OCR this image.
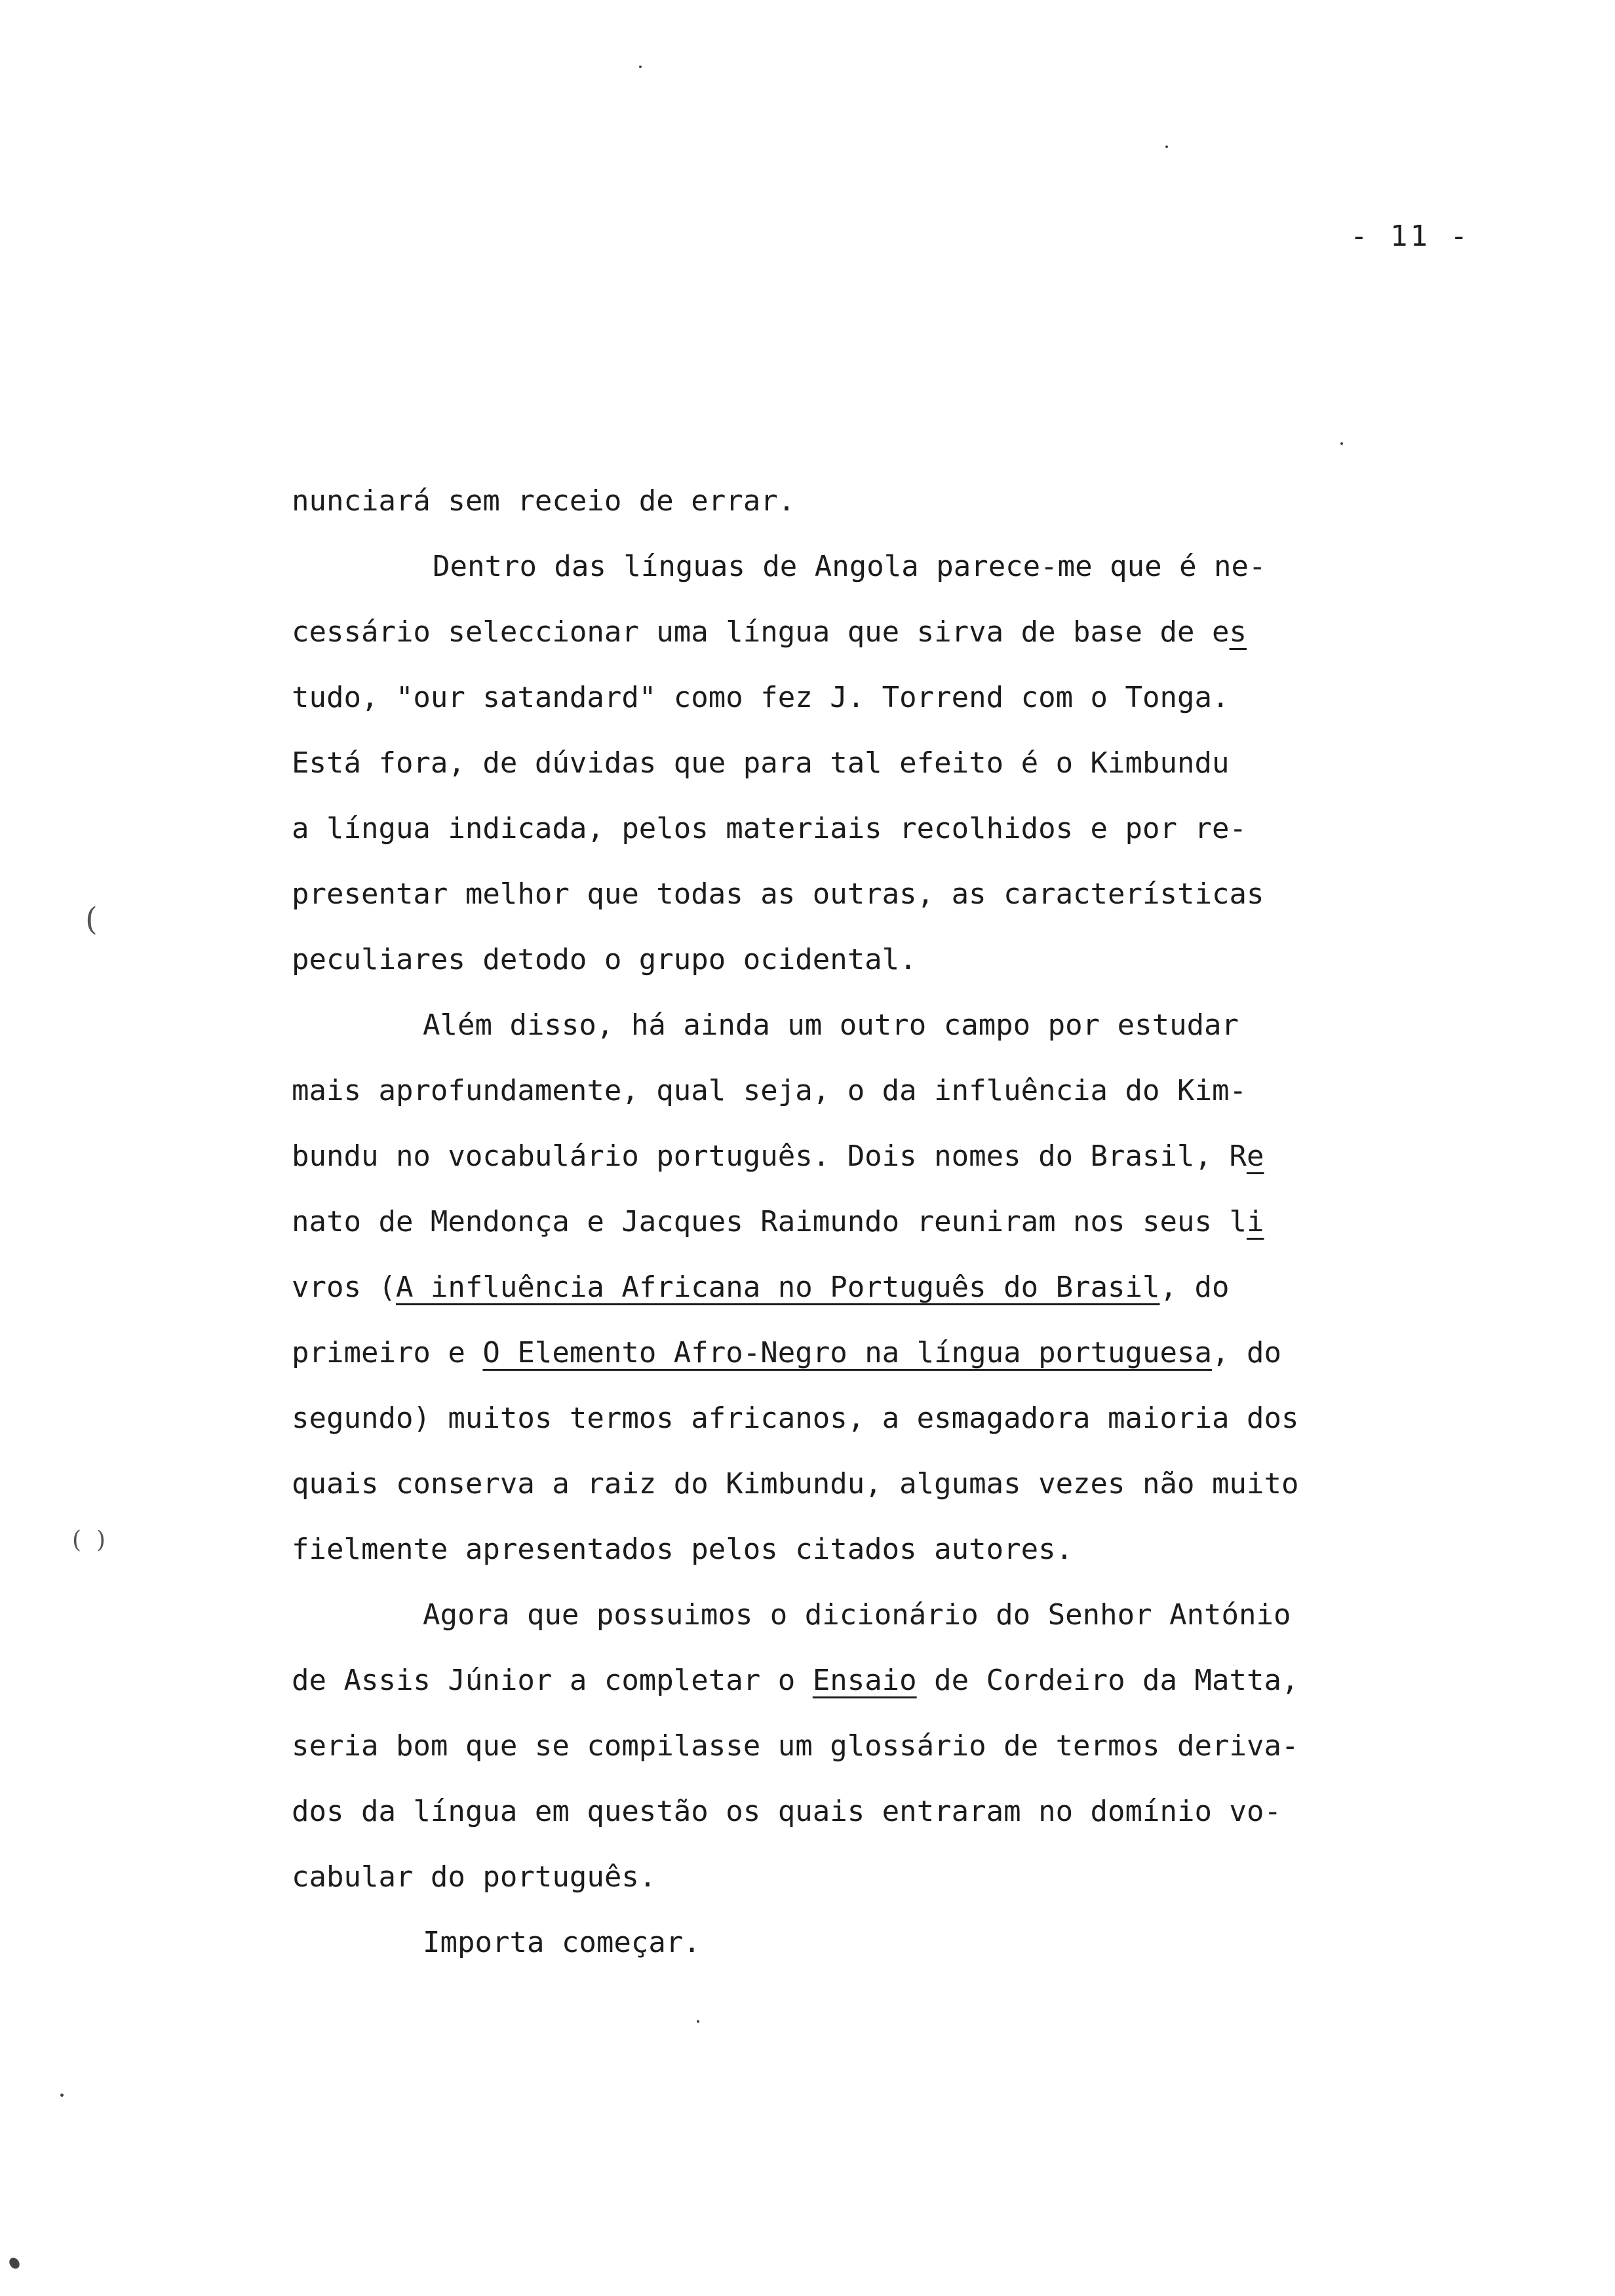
- 11 -
(
(  )
nunciará sem receio de errar.
Dentro das línguas de Angola parece-me que é ne-
cessário seleccionar uma língua que sirva de base de es
tudo, "our satandard" como fez J. Torrend com o Tonga.
Está fora, de dúvidas que para tal efeito é o Kimbundu
a língua indicada, pelos materiais recolhidos e por re-
presentar melhor que todas as outras, as características
peculiares detodo o grupo ocidental.
Além disso, há ainda um outro campo por estudar
mais aprofundamente, qual seja, o da influência do Kim-
bundu no vocabulário português. Dois nomes do Brasil, Re
nato de Mendonça e Jacques Raimundo reuniram nos seus li
vros (A influência Africana no Português do Brasil, do
primeiro e O Elemento Afro-Negro na língua portuguesa, do
segundo) muitos termos africanos, a esmagadora maioria dos
quais conserva a raiz do Kimbundu, algumas vezes não muito
fielmente apresentados pelos citados autores.
Agora que possuimos o dicionário do Senhor António
de Assis Júnior a completar o Ensaio de Cordeiro da Matta,
seria bom que se compilasse um glossário de termos deriva-
dos da língua em questão os quais entraram no domínio vo-
cabular do português.
Importa começar.
